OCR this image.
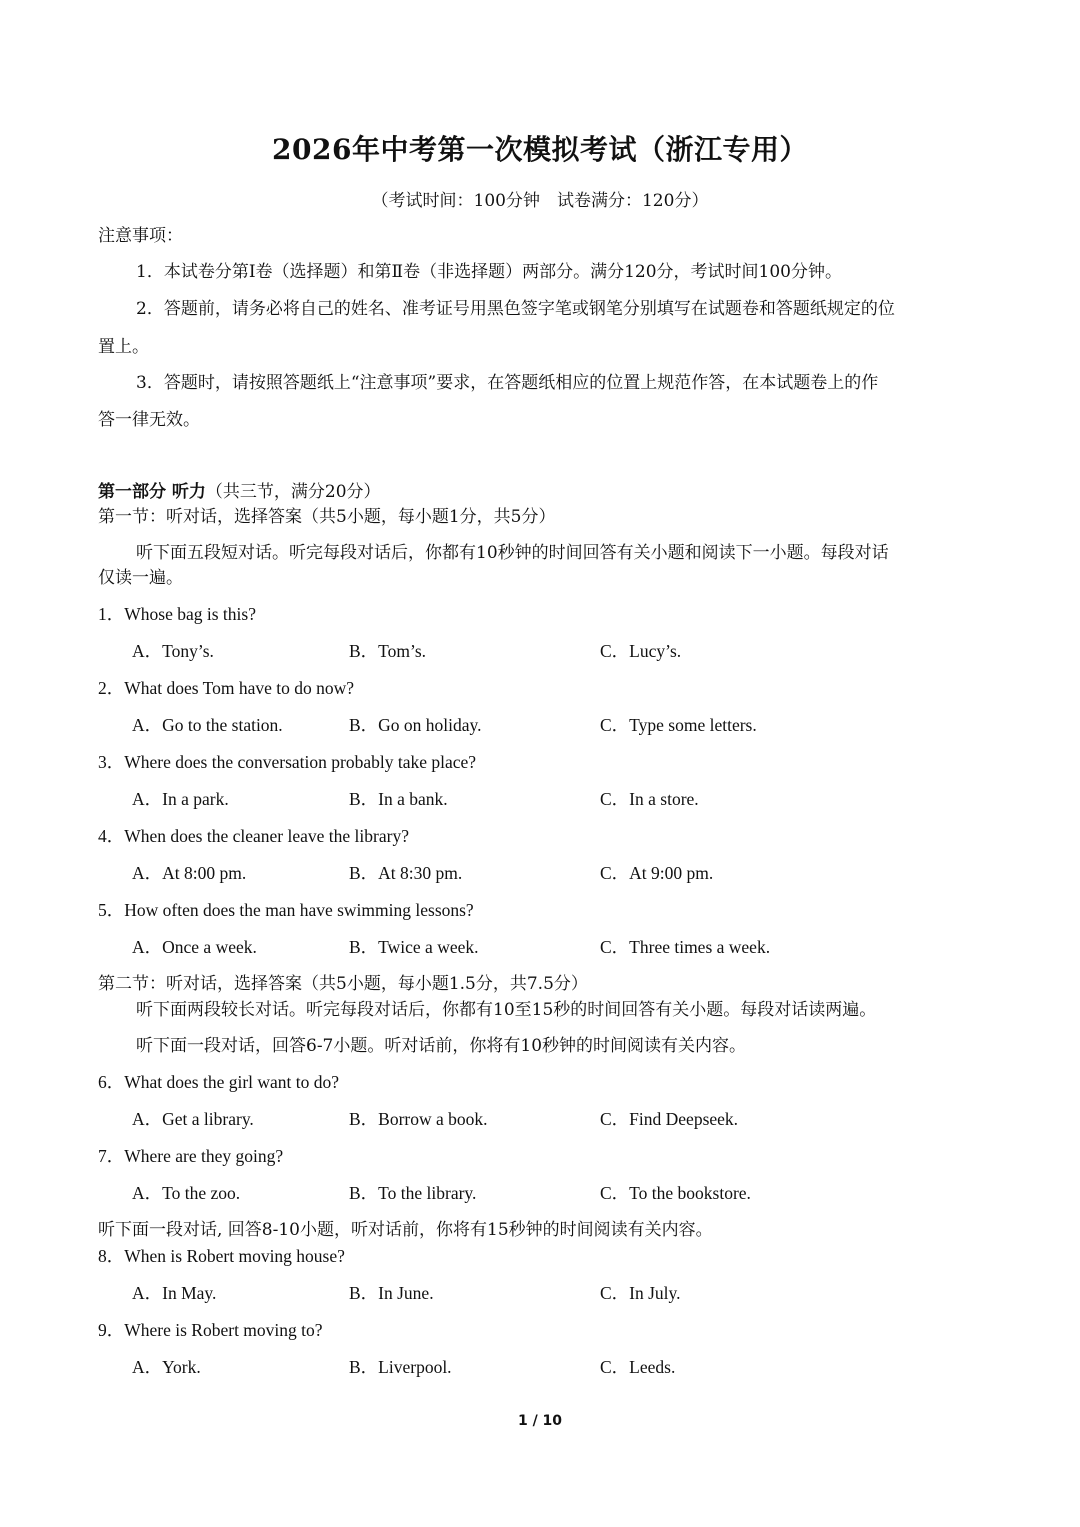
2026年中考第一次模拟考试（浙江专用）
（考试时间：100分钟　试卷满分：120分）
注意事项：
1．本试卷分第Ⅰ卷（选择题）和第Ⅱ卷（非选择题）两部分。满分120分，考试时间100分钟。
2．答题前，请务必将自己的姓名、准考证号用黑色签字笔或钢笔分别填写在试题卷和答题纸规定的位
置上。
3．答题时，请按照答题纸上“注意事项”要求，在答题纸相应的位置上规范作答，在本试题卷上的作
答一律无效。
第一部分 听力（共三节，满分20分）
第一节：听对话，选择答案（共5小题，每小题1分，共5分）
听下面五段短对话。听完每段对话后，你都有10秒钟的时间回答有关小题和阅读下一小题。每段对话
仅读一遍。
1．Whose bag is this?
A．Tony’s.	B．Tom’s.	C．Lucy’s.
2．What does Tom have to do now?
A．Go to the station.	B．Go on holiday.	C．Type some letters.
3．Where does the conversation probably take place?
A．In a park.	B．In a bank.	C．In a store.
4．When does the cleaner leave the library?
A．At 8:00 pm.	B．At 8:30 pm.	C．At 9:00 pm.
5．How often does the man have swimming lessons?
A．Once a week.	B．Twice a week.	C．Three times a week.
第二节：听对话，选择答案（共5小题，每小题1.5分，共7.5分）
听下面两段较长对话。听完每段对话后，你都有10至15秒的时间回答有关小题。每段对话读两遍。
听下面一段对话，回答6-7小题。听对话前，你将有10秒钟的时间阅读有关内容。
6．What does the girl want to do?
A．Get a library.	B．Borrow a book.	C．Find Deepseek.
7．Where are they going?
A．To the zoo.	B．To the library.	C．To the bookstore.
听下面一段对话, 回答8-10小题，听对话前，你将有15秒钟的时间阅读有关内容。
8．When is Robert moving house?
A．In May.	B．In June.	C．In July.
9．Where is Robert moving to?
A．York.	B．Liverpool.	C．Leeds.
1 / 10
